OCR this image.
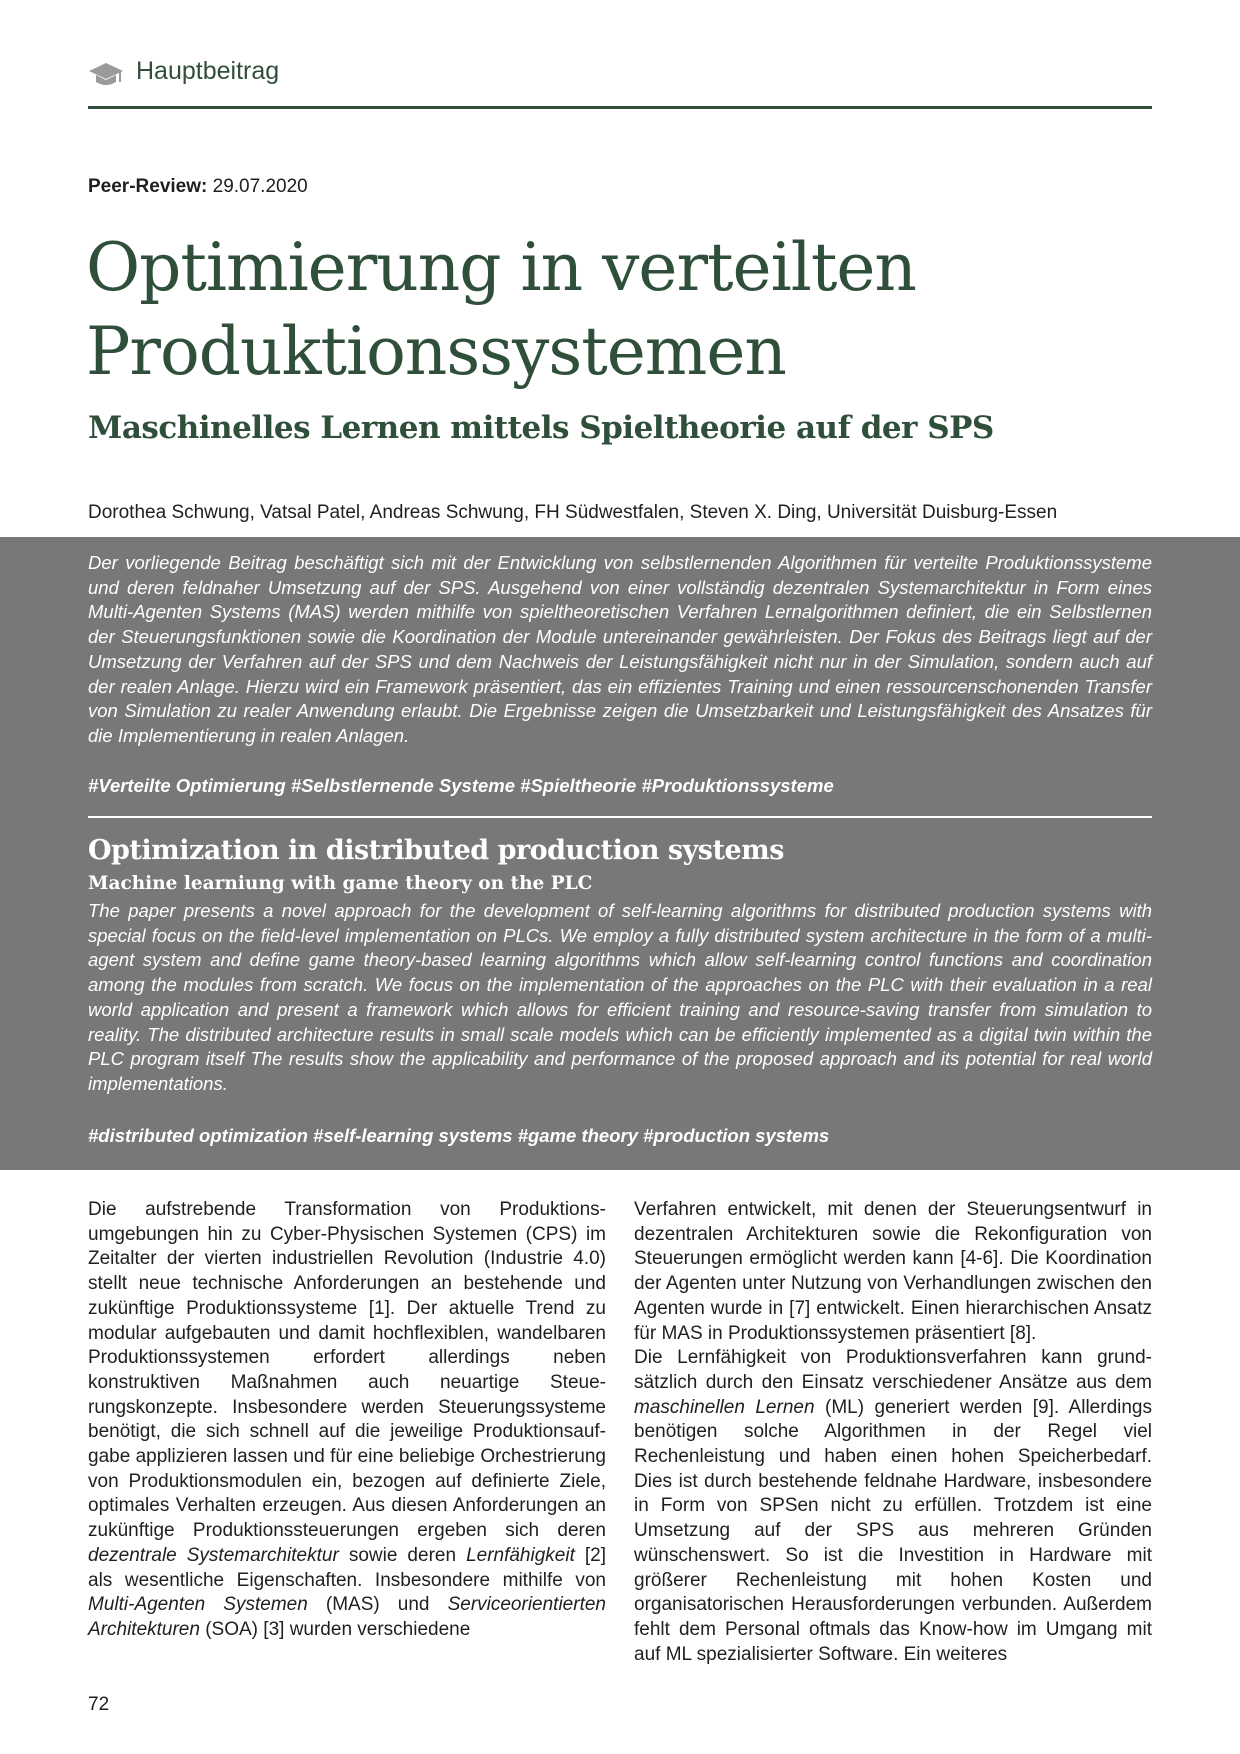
Hauptbeitrag
Peer-Review: 29.07.2020
Optimierung in verteilten Produktionssystemen
Maschinelles Lernen mittels Spieltheorie auf der SPS
Dorothea Schwung, Vatsal Patel, Andreas Schwung, FH Südwestfalen, Steven X. Ding, Universität Duisburg-Essen

Der vorliegende Beitrag beschäftigt sich mit der Entwicklung von selbstlernenden Algorithmen für verteilte Produktionssysteme und deren feldnaher Umsetzung auf der SPS. Ausgehend von einer vollständig dezentralen Systemarchitektur in Form eines Multi-Agenten Systems (MAS) werden mithilfe von spieltheoretischen Verfahren Lernalgorithmen definiert, die ein Selbstlernen der Steuerungsfunktionen sowie die Koordination der Module untereinander gewährleisten. Der Fokus des Beitrags liegt auf der Umsetzung der Verfahren auf der SPS und dem Nachweis der Leistungsfähigkeit nicht nur in der Simulation, sondern auch auf der realen Anlage. Hierzu wird ein Framework präsentiert, das ein effizientes Training und einen ressourcenschonenden Transfer von Simulation zu realer Anwendung erlaubt. Die Ergebnisse zeigen die Umsetzbarkeit und Leistungsfähigkeit des Ansatzes für die Implementierung in realen Anlagen.

#Verteilte Optimierung #Selbstlernende Systeme #Spieltheorie #Produktionssysteme

Optimization in distributed production systems
Machine learniung with game theory on the PLC

The paper presents a novel approach for the development of self-learning algorithms for distributed production systems with special focus on the field-level implementation on PLCs. We employ a fully distributed system architecture in the form of a multi-agent system and define game theory-based learning algorithms which allow self-learning control functions and coordination among the modules from scratch. We focus on the implementation of the approaches on the PLC with their evaluation in a real world application and present a framework which allows for efficient training and resource-saving transfer from simulation to reality. The distributed architecture results in small scale models which can be efficiently implemented as a digital twin within the PLC program itself The results show the applicability and performance of the proposed approach and its potential for real world implementations.

#distributed optimization #self-learning systems #game theory #production systems

Die aufstrebende Transformation von Produktionsumgebungen hin zu Cyber-Physischen Systemen (CPS) im Zeitalter der vierten industriellen Revolution (Industrie 4.0) stellt neue technische Anforderungen an bestehende und zukünftige Produktionssysteme [1]. Der aktuelle Trend zu modular aufgebauten und damit hochflexiblen, wandelbaren Produktionssystemen erfordert allerdings neben konstruktiven Maßnahmen auch neuartige Steuerungskonzepte. Insbesondere werden Steuerungssysteme benötigt, die sich schnell auf die jeweilige Produktionsaufgabe applizieren lassen und für eine beliebige Orchestrierung von Produktionsmodulen ein, bezogen auf definierte Ziele, optimales Verhalten erzeugen. Aus diesen Anforderungen an zukünftige Produktionssteuerungen ergeben sich deren dezentrale Systemarchitektur sowie deren Lernfähigkeit [2] als wesentliche Eigenschaften. Insbesondere mithilfe von Multi-Agenten Systemen (MAS) und Serviceorientierten Architekturen (SOA) [3] wurden verschiedene

Verfahren entwickelt, mit denen der Steuerungsentwurf in dezentralen Architekturen sowie die Rekonfiguration von Steuerungen ermöglicht werden kann [4-6]. Die Koordination der Agenten unter Nutzung von Verhandlungen zwischen den Agenten wurde in [7] entwickelt. Einen hierarchischen Ansatz für MAS in Produktionssystemen präsentiert [8].

Die Lernfähigkeit von Produktionsverfahren kann grundsätzlich durch den Einsatz verschiedener Ansätze aus dem maschinellen Lernen (ML) generiert werden [9]. Allerdings benötigen solche Algorithmen in der Regel viel Rechenleistung und haben einen hohen Speicherbedarf. Dies ist durch bestehende feldnahe Hardware, insbesondere in Form von SPSen nicht zu erfüllen. Trotzdem ist eine Umsetzung auf der SPS aus mehreren Gründen wünschenswert. So ist die Investition in Hardware mit größerer Rechenleistung mit hohen Kosten und organisatorischen Herausforderungen verbunden. Außerdem fehlt dem Personal oftmals das Know-how im Umgang mit auf ML spezialisierter Software. Ein weiteres

72
